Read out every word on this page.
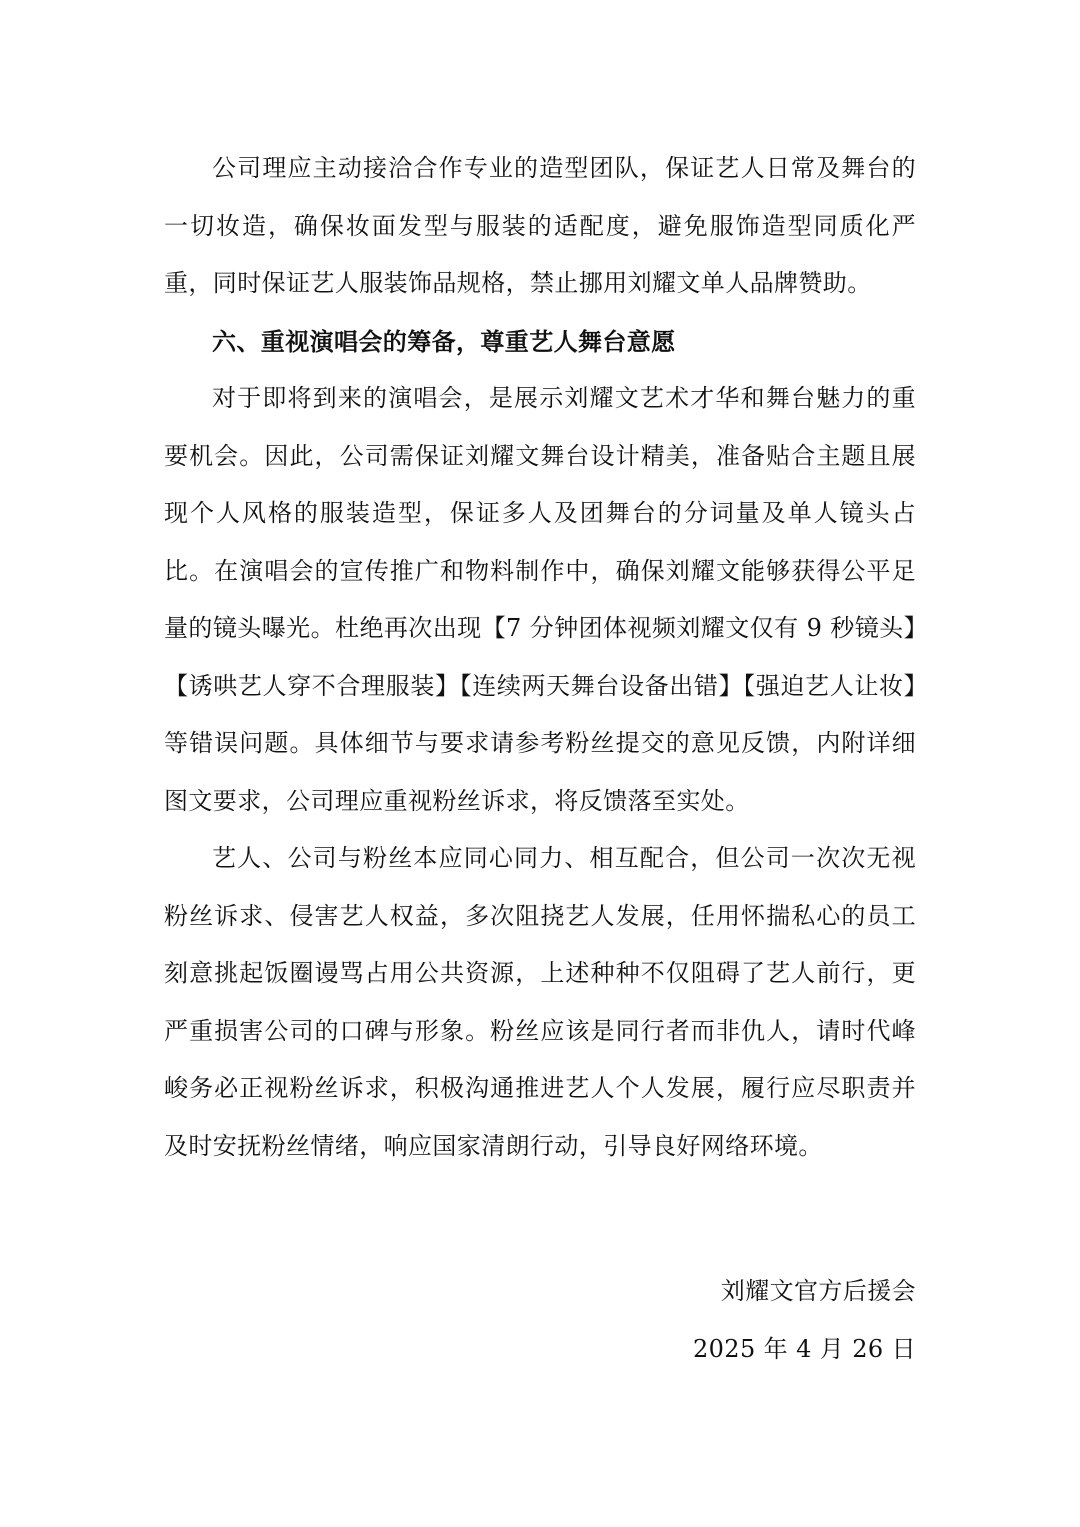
公司理应主动接洽合作专业的造型团队，保证艺人日常及舞台的一切妆造，确保妆面发型与服装的适配度，避免服饰造型同质化严重，同时保证艺人服装饰品规格，禁止挪用刘耀文单人品牌赞助。

六、重视演唱会的筹备，尊重艺人舞台意愿

对于即将到来的演唱会，是展示刘耀文艺术才华和舞台魅力的重要机会。因此，公司需保证刘耀文舞台设计精美，准备贴合主题且展现个人风格的服装造型，保证多人及团舞台的分词量及单人镜头占比。在演唱会的宣传推广和物料制作中，确保刘耀文能够获得公平足量的镜头曝光。杜绝再次出现【7 分钟团体视频刘耀文仅有 9 秒镜头】【诱哄艺人穿不合理服装】【连续两天舞台设备出错】【强迫艺人让妆】等错误问题。具体细节与要求请参考粉丝提交的意见反馈，内附详细图文要求，公司理应重视粉丝诉求，将反馈落至实处。

艺人、公司与粉丝本应同心同力、相互配合，但公司一次次无视粉丝诉求、侵害艺人权益，多次阻挠艺人发展，任用怀揣私心的员工刻意挑起饭圈谩骂占用公共资源，上述种种不仅阻碍了艺人前行，更严重损害公司的口碑与形象。粉丝应该是同行者而非仇人，请时代峰峻务必正视粉丝诉求，积极沟通推进艺人个人发展，履行应尽职责并及时安抚粉丝情绪，响应国家清朗行动，引导良好网络环境。

刘耀文官方后援会
2025 年 4 月 26 日
